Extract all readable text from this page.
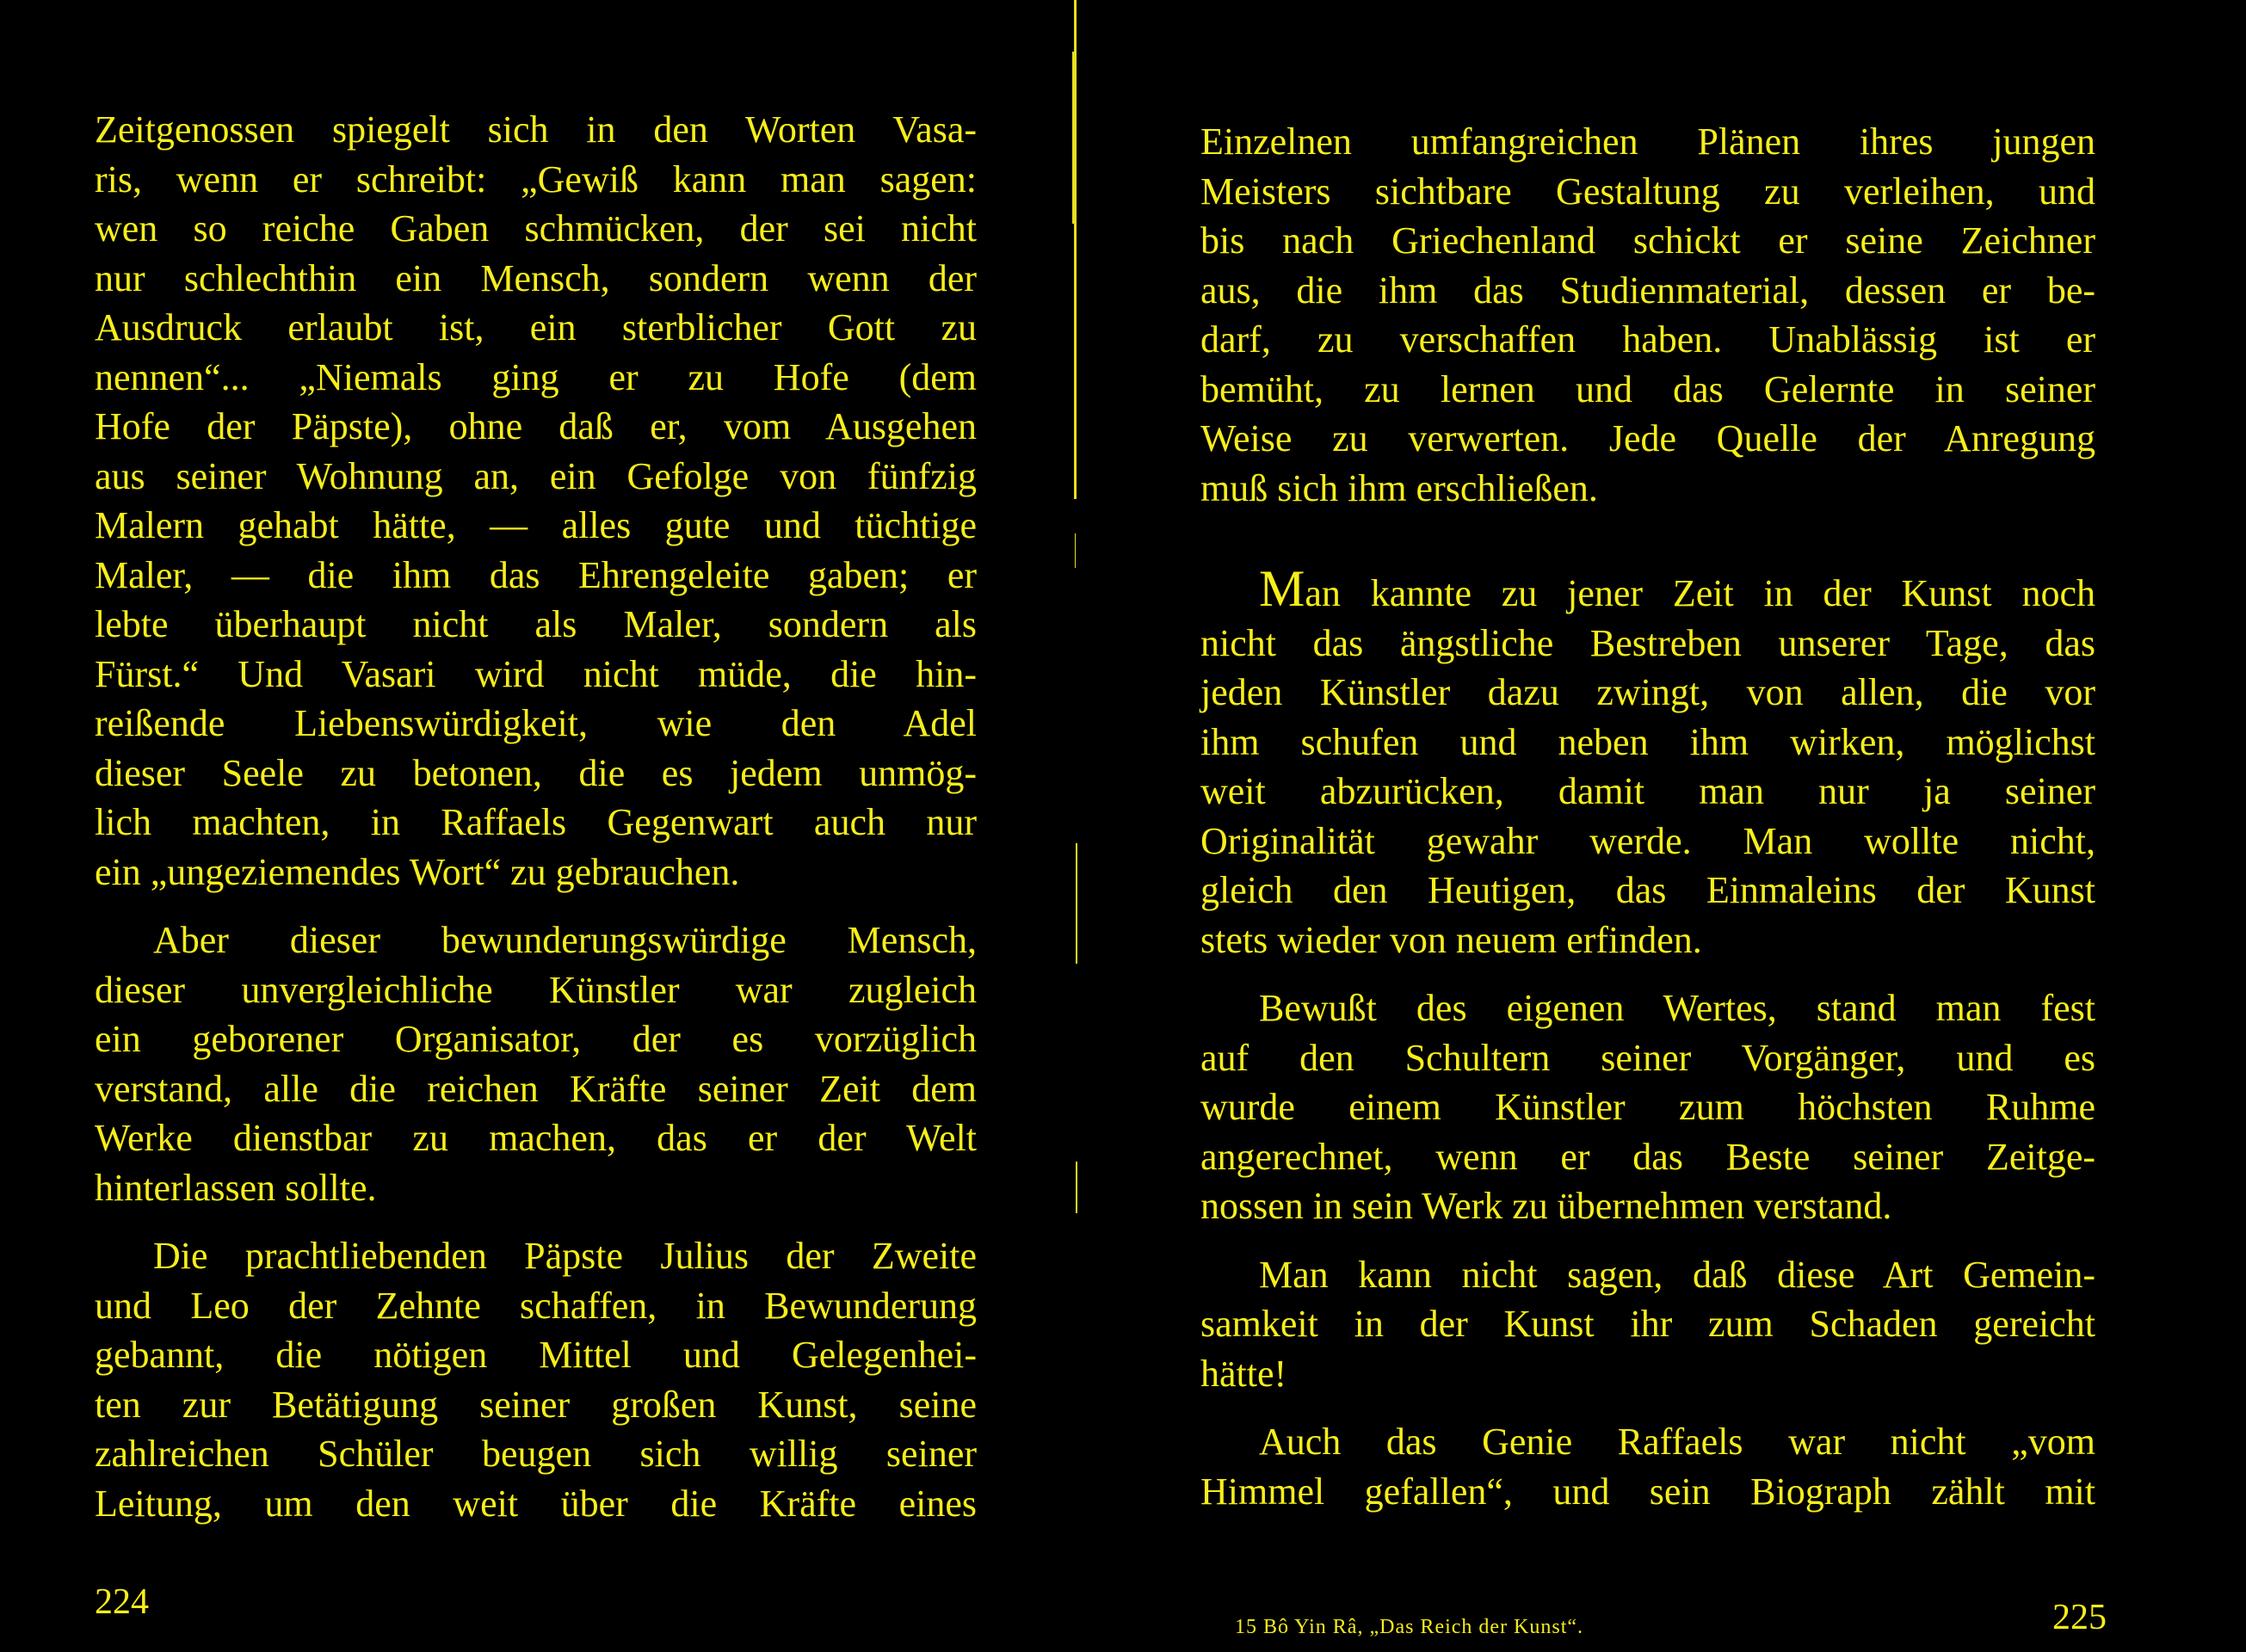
Zeitgenossen spiegelt sich in den Worten Vasa-
ris, wenn er schreibt: „Gewiß kann man sagen:
wen so reiche Gaben schmücken, der sei nicht
nur schlechthin ein Mensch, sondern wenn der
Ausdruck erlaubt ist, ein sterblicher Gott zu
nennen“... „Niemals ging er zu Hofe (dem
Hofe der Päpste), ohne daß er, vom Ausgehen
aus seiner Wohnung an, ein Gefolge von fünfzig
Malern gehabt hätte, — alles gute und tüchtige
Maler, — die ihm das Ehrengeleite gaben; er
lebte überhaupt nicht als Maler, sondern als
Fürst.“ Und Vasari wird nicht müde, die hin-
reißende Liebenswürdigkeit, wie den Adel
dieser Seele zu betonen, die es jedem unmög-
lich machten, in Raffaels Gegenwart auch nur
ein „ungeziemendes Wort“ zu gebrauchen.
Aber dieser bewunderungswürdige Mensch,
dieser unvergleichliche Künstler war zugleich
ein geborener Organisator, der es vorzüglich
verstand, alle die reichen Kräfte seiner Zeit dem
Werke dienstbar zu machen, das er der Welt
hinterlassen sollte.
Die prachtliebenden Päpste Julius der Zweite
und Leo der Zehnte schaffen, in Bewunderung
gebannt, die nötigen Mittel und Gelegenhei-
ten zur Betätigung seiner großen Kunst, seine
zahlreichen Schüler beugen sich willig seiner
Leitung, um den weit über die Kräfte eines
224
Einzelnen umfangreichen Plänen ihres jungen
Meisters sichtbare Gestaltung zu verleihen, und
bis nach Griechenland schickt er seine Zeichner
aus, die ihm das Studienmaterial, dessen er be-
darf, zu verschaffen haben. Unablässig ist er
bemüht, zu lernen und das Gelernte in seiner
Weise zu verwerten. Jede Quelle der Anregung
muß sich ihm erschließen.
Man kannte zu jener Zeit in der Kunst noch
nicht das ängstliche Bestreben unserer Tage, das
jeden Künstler dazu zwingt, von allen, die vor
ihm schufen und neben ihm wirken, möglichst
weit abzurücken, damit man nur ja seiner
Originalität gewahr werde. Man wollte nicht,
gleich den Heutigen, das Einmaleins der Kunst
stets wieder von neuem erfinden.
Bewußt des eigenen Wertes, stand man fest
auf den Schultern seiner Vorgänger, und es
wurde einem Künstler zum höchsten Ruhme
angerechnet, wenn er das Beste seiner Zeitge-
nossen in sein Werk zu übernehmen verstand.
Man kann nicht sagen, daß diese Art Gemein-
samkeit in der Kunst ihr zum Schaden gereicht
hätte!
Auch das Genie Raffaels war nicht „vom
Himmel gefallen“, und sein Biograph zählt mit
15 Bô Yin Râ, „Das Reich der Kunst“.	225
